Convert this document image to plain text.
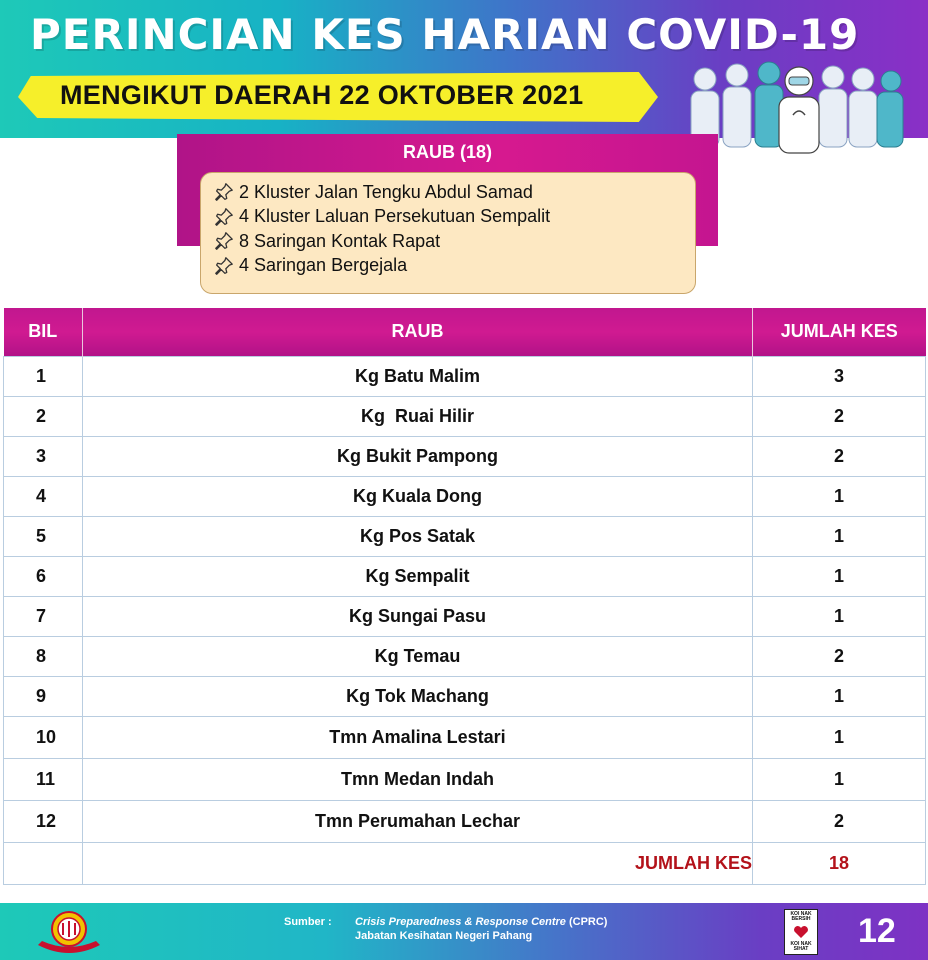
PERINCIAN KES HARIAN COVID-19
MENGIKUT DAERAH 22 OKTOBER 2021
RAUB (18)
2 Kluster Jalan Tengku Abdul Samad
4 Kluster Laluan Persekutuan Sempalit
8 Saringan Kontak Rapat
4 Saringan Bergejala
BIL	RAUB	JUMLAH KES
1	Kg Batu Malim	3
2	Kg  Ruai Hilir	2
3	Kg Bukit Pampong	2
4	Kg Kuala Dong	1
5	Kg Pos Satak	1
6	Kg Sempalit	1
7	Kg Sungai Pasu	1
8	Kg Temau	2
9	Kg Tok Machang	1
10	Tmn Amalina Lestari	1
11	Tmn Medan Indah	1
12	Tmn Perumahan Lechar	2
	JUMLAH KES	18
Sumber : Crisis Preparedness & Response Centre (CPRC)
Jabatan Kesihatan Negeri Pahang
KOI NAK BERSIH
KOI NAK SIHAT 12
